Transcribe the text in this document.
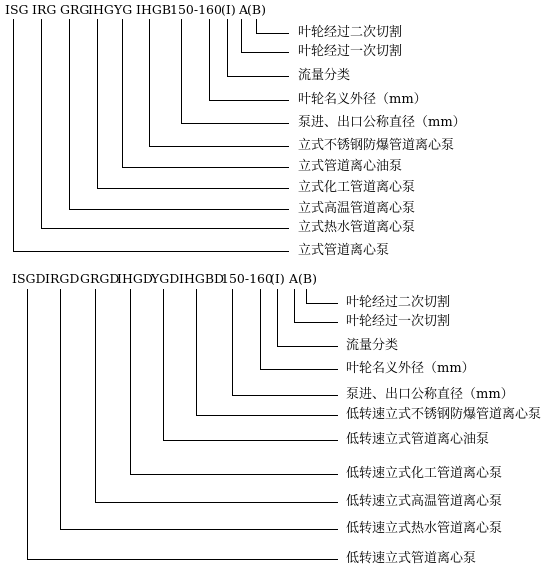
ISG IRG GRG
IHG YG IHGB
150-160 (I) A
(B)
叶轮经过二次切割
叶轮经过一次切割
流量分类
叶轮名义外径（mm）
泵进、出口公称直径（mm）
立式不锈钢防爆管道离心泵
立式管道离心油泵
立式化工管道离心泵
立式高温管道离心泵
立式热水管道离心泵
立式管道离心泵
ISGD IRGD GRGD
IHGD
YGD IHGBD
150-160
(I) A (B)
叶轮经过二次切割
叶轮经过一次切割
流量分类
叶轮名义外径（mm）
泵进、出口公称直径（mm）
低转速立式不锈钢防爆管道离心泵
低转速立式管道离心油泵
低转速立式化工管道离心泵
低转速立式高温管道离心泵
低转速立式热水管道离心泵
低转速立式管道离心泵
